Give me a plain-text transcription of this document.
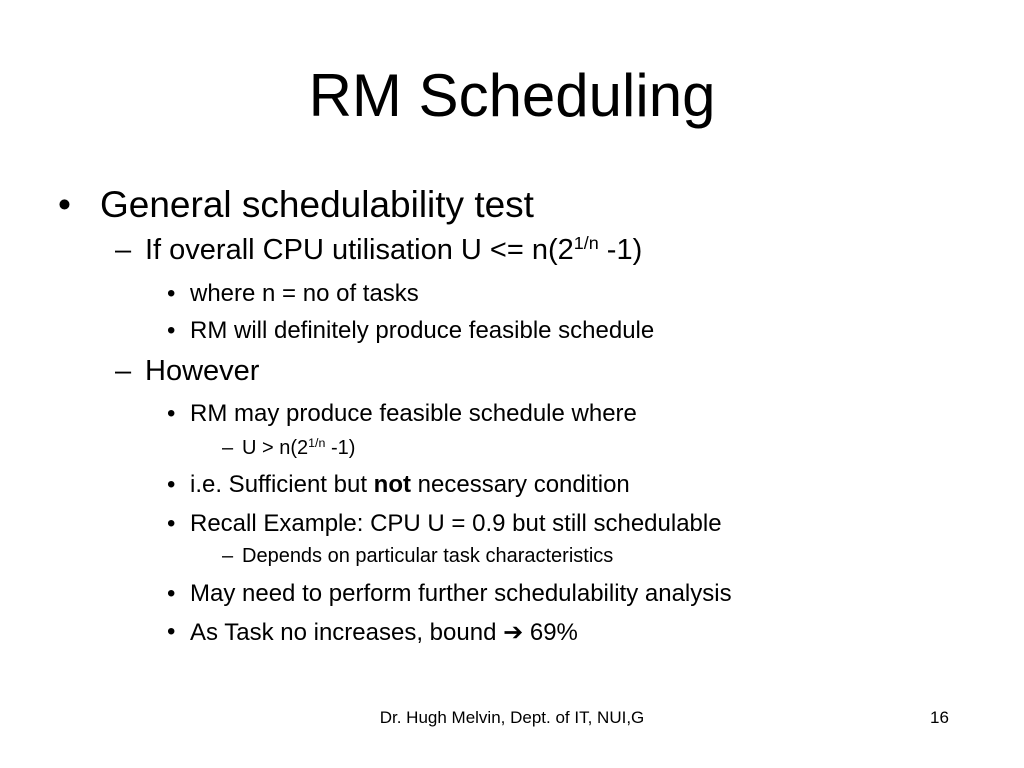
RM Scheduling
• General schedulability test
– If overall CPU utilisation $U <= n(2^{1/n}$ -1)
• where n = no of tasks
• RM will definitely produce feasible schedule
– However
• RM may produce feasible schedule where
– $U > n(2^{1/n}$ -1)
• i.e. Sufficient but not necessary condition
• Recall Example: CPU U = 0.9 but still schedulable
– Depends on particular task characteristics
• May need to perform further schedulability analysis
• As Task no increases, bound ➔ 69%
Dr. Hugh Melvin, Dept. of IT, NUI,G	16
